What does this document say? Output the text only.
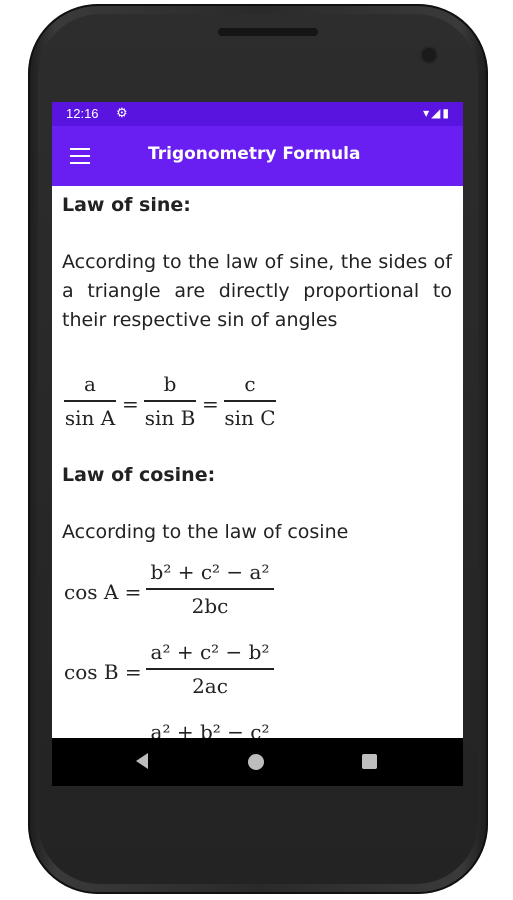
12:16 ⚙	▾◢▮
Trigonometry Formula
Law of sine:
According to the law of sine, the sides of a triangle are directly proportional to their respective sin of angles
a
sin A
=
b
sin B
=
c
sin C
Law of cosine:
According to the law of cosine
cos A =
b² + c² − a²
2bc
cos B =
a² + c² − b²
2ac
a² + b² − c²
